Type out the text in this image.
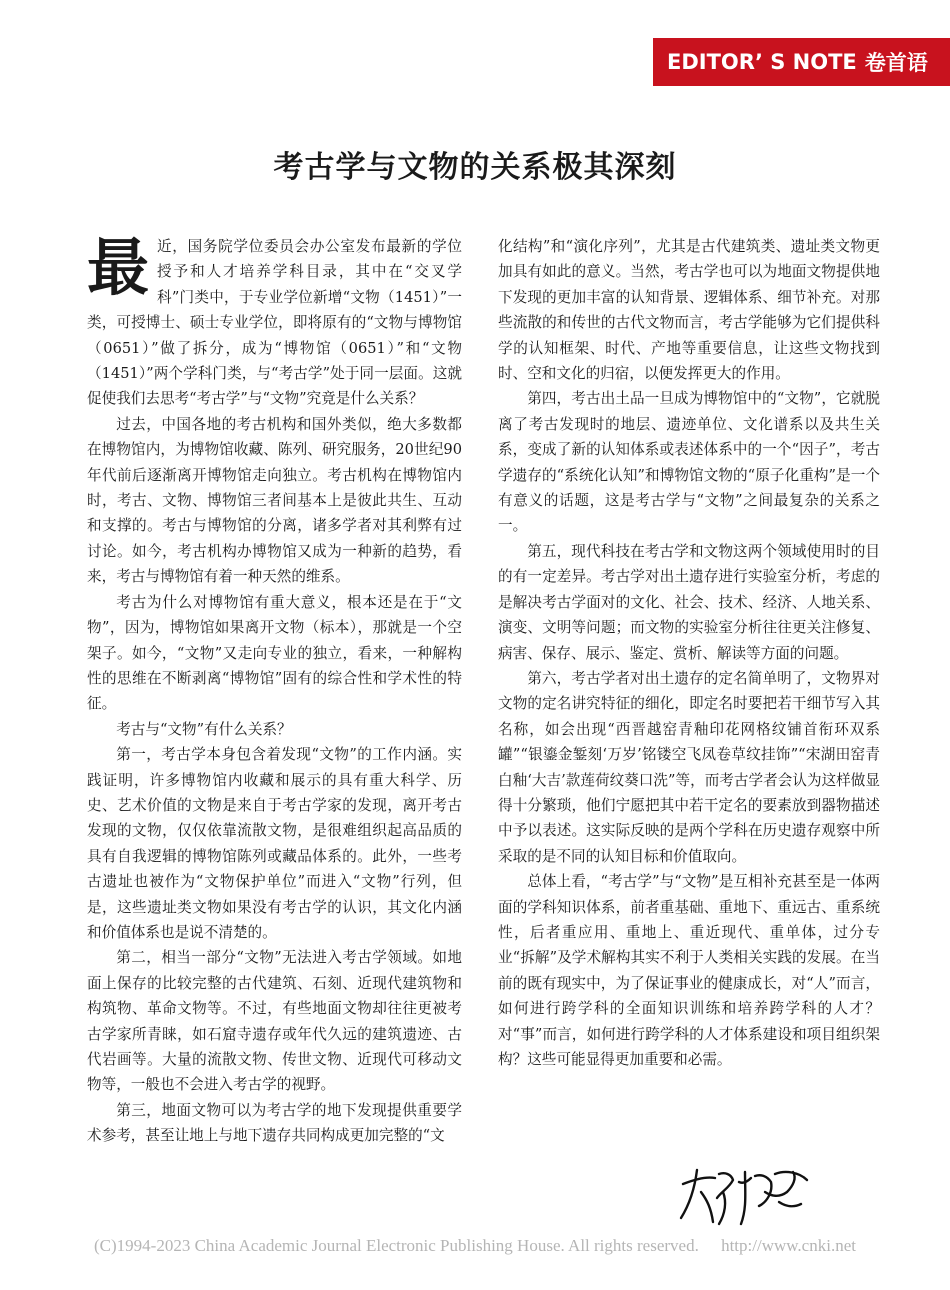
EDITOR’ S NOTE 卷首语
考古学与文物的关系极其深刻

最近，国务院学位委员会办公室发布最新的学位授予和人才培养学科目录，其中在“交叉学科”门类中，于专业学位新增“文物（1451）”一类，可授博士、硕士专业学位，即将原有的“文物与博物馆（0651）”做了拆分，成为“博物馆（0651）”和“文物（1451）”两个学科门类，与“考古学”处于同一层面。这就促使我们去思考“考古学”与“文物”究竟是什么关系？

过去，中国各地的考古机构和国外类似，绝大多数都在博物馆内，为博物馆收藏、陈列、研究服务，20世纪90年代前后逐渐离开博物馆走向独立。考古机构在博物馆内时，考古、文物、博物馆三者间基本上是彼此共生、互动和支撑的。考古与博物馆的分离，诸多学者对其利弊有过讨论。如今，考古机构办博物馆又成为一种新的趋势，看来，考古与博物馆有着一种天然的维系。

考古为什么对博物馆有重大意义，根本还是在于“文物”，因为，博物馆如果离开文物（标本），那就是一个空架子。如今，“文物”又走向专业的独立，看来，一种解构性的思维在不断剥离“博物馆”固有的综合性和学术性的特征。

考古与“文物”有什么关系？

第一，考古学本身包含着发现“文物”的工作内涵。实践证明，许多博物馆内收藏和展示的具有重大科学、历史、艺术价值的文物是来自于考古学家的发现，离开考古发现的文物，仅仅依靠流散文物，是很难组织起高品质的具有自我逻辑的博物馆陈列或藏品体系的。此外，一些考古遗址也被作为“文物保护单位”而进入“文物”行列，但是，这些遗址类文物如果没有考古学的认识，其文化内涵和价值体系也是说不清楚的。

第二，相当一部分“文物”无法进入考古学领域。如地面上保存的比较完整的古代建筑、石刻、近现代建筑物和构筑物、革命文物等。不过，有些地面文物却往往更被考古学家所青睐，如石窟寺遗存或年代久远的建筑遗迹、古代岩画等。大量的流散文物、传世文物、近现代可移动文物等，一般也不会进入考古学的视野。

第三，地面文物可以为考古学的地下发现提供重要学术参考，甚至让地上与地下遗存共同构成更加完整的“文

化结构”和“演化序列”，尤其是古代建筑类、遗址类文物更加具有如此的意义。当然，考古学也可以为地面文物提供地下发现的更加丰富的认知背景、逻辑体系、细节补充。对那些流散的和传世的古代文物而言，考古学能够为它们提供科学的认知框架、时代、产地等重要信息，让这些文物找到时、空和文化的归宿，以便发挥更大的作用。

第四，考古出土品一旦成为博物馆中的“文物”，它就脱离了考古发现时的地层、遗迹单位、文化谱系以及共生关系，变成了新的认知体系或表述体系中的一个“因子”，考古学遗存的“系统化认知”和博物馆文物的“原子化重构”是一个有意义的话题，这是考古学与“文物”之间最复杂的关系之一。

第五，现代科技在考古学和文物这两个领域使用时的目的有一定差异。考古学对出土遗存进行实验室分析，考虑的是解决考古学面对的文化、社会、技术、经济、人地关系、演变、文明等问题；而文物的实验室分析往往更关注修复、病害、保存、展示、鉴定、赏析、解读等方面的问题。

第六，考古学者对出土遗存的定名简单明了，文物界对文物的定名讲究特征的细化，即定名时要把若干细节写入其名称，如会出现“西晋越窑青釉印花网格纹铺首衔环双系罐”“银鎏金錾刻‘万岁’铭镂空飞凤卷草纹挂饰”“宋湖田窑青白釉‘大吉’款莲荷纹葵口洗”等，而考古学者会认为这样做显得十分繁琐，他们宁愿把其中若干定名的要素放到器物描述中予以表述。这实际反映的是两个学科在历史遗存观察中所采取的是不同的认知目标和价值取向。

总体上看，“考古学”与“文物”是互相补充甚至是一体两面的学科知识体系，前者重基础、重地下、重远古、重系统性，后者重应用、重地上、重近现代、重单体，过分专业“拆解”及学术解构其实不利于人类相关实践的发展。在当前的既有现实中，为了保证事业的健康成长，对“人”而言，如何进行跨学科的全面知识训练和培养跨学科的人才？对“事”而言，如何进行跨学科的人才体系建设和项目组织架构？这些可能显得更加重要和必需。

(C)1994-2023 China Academic Journal Electronic Publishing House. All rights reserved. http://www.cnki.net
